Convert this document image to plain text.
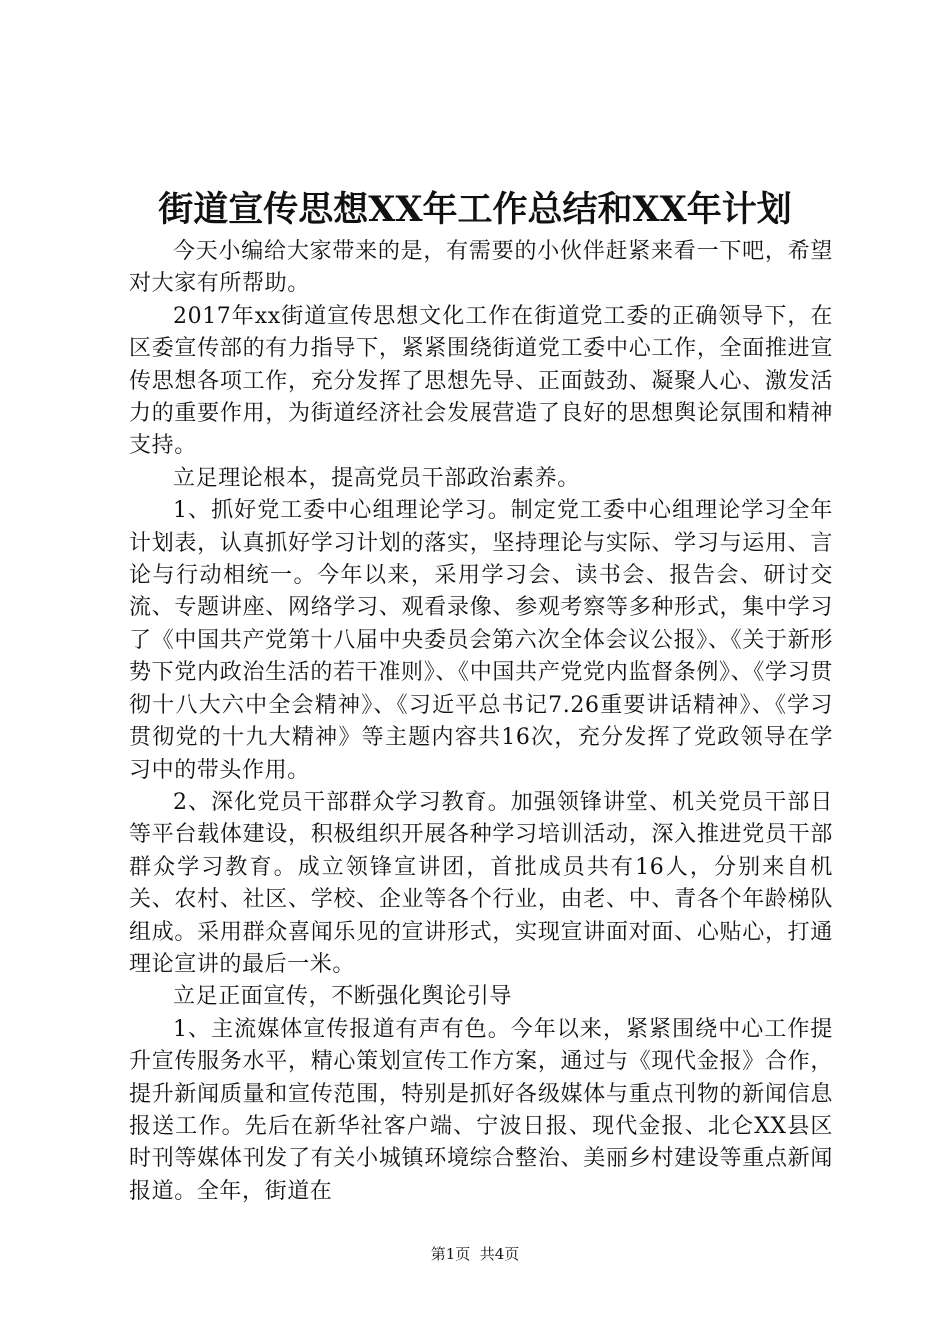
街道宣传思想XX年工作总结和XX年计划

今天小编给大家带来的是，有需要的小伙伴赶紧来看一下吧，希望对大家有所帮助。

2017年xx街道宣传思想文化工作在街道党工委的正确领导下，在区委宣传部的有力指导下，紧紧围绕街道党工委中心工作，全面推进宣传思想各项工作，充分发挥了思想先导、正面鼓劲、凝聚人心、激发活力的重要作用，为街道经济社会发展营造了良好的思想舆论氛围和精神支持。

立足理论根本，提高党员干部政治素养。

1、抓好党工委中心组理论学习。制定党工委中心组理论学习全年计划表，认真抓好学习计划的落实，坚持理论与实际、学习与运用、言论与行动相统一。今年以来，采用学习会、读书会、报告会、研讨交流、专题讲座、网络学习、观看录像、参观考察等多种形式，集中学习了《中国共产党第十八届中央委员会第六次全体会议公报》、《关于新形势下党内政治生活的若干准则》、《中国共产党党内监督条例》、《学习贯彻十八大六中全会精神》、《习近平总书记7.26重要讲话精神》、《学习贯彻党的十九大精神》等主题内容共16次，充分发挥了党政领导在学习中的带头作用。

2、深化党员干部群众学习教育。加强领锋讲堂、机关党员干部日等平台载体建设，积极组织开展各种学习培训活动，深入推进党员干部群众学习教育。成立领锋宣讲团，首批成员共有16人，分别来自机关、农村、社区、学校、企业等各个行业，由老、中、青各个年龄梯队组成。采用群众喜闻乐见的宣讲形式，实现宣讲面对面、心贴心，打通理论宣讲的最后一米。

立足正面宣传，不断强化舆论引导

1、主流媒体宣传报道有声有色。今年以来，紧紧围绕中心工作提升宣传服务水平，精心策划宣传工作方案，通过与《现代金报》合作，提升新闻质量和宣传范围，特别是抓好各级媒体与重点刊物的新闻信息报送工作。先后在新华社客户端、宁波日报、现代金报、北仑XX县区时刊等媒体刊发了有关小城镇环境综合整治、美丽乡村建设等重点新闻报道。全年，街道在

第1页  共4页
